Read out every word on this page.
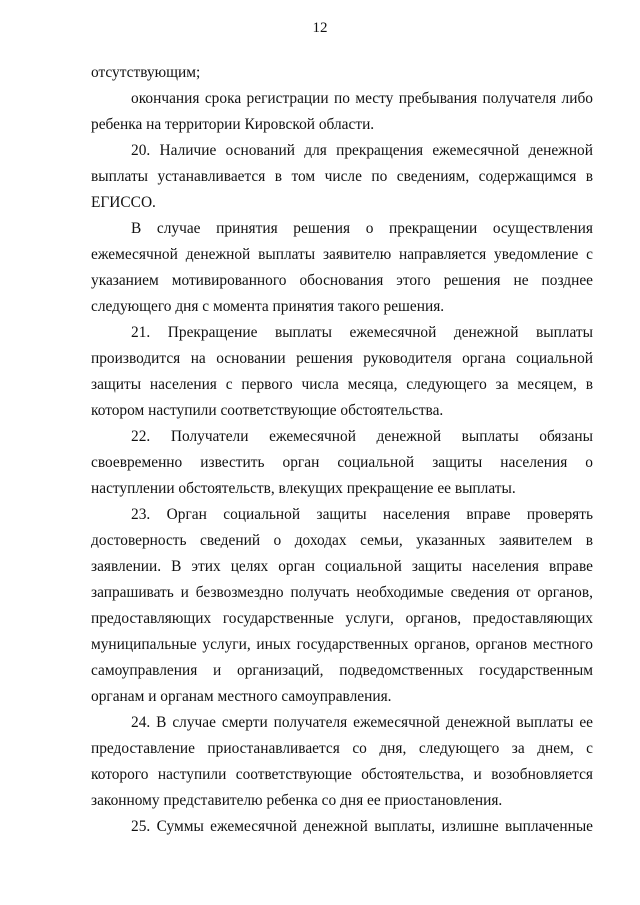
12

отсутствующим;

окончания срока регистрации по месту пребывания получателя либо ребенка на территории Кировской области.

20. Наличие оснований для прекращения ежемесячной денежной выплаты устанавливается в том числе по сведениям, содержащимся в ЕГИССО.

В случае принятия решения о прекращении осуществления ежемесячной денежной выплаты заявителю направляется уведомление с указанием мотивированного обоснования этого решения не позднее следующего дня с момента принятия такого решения.

21. Прекращение выплаты ежемесячной денежной выплаты производится на основании решения руководителя органа социальной защиты населения с первого числа месяца, следующего за месяцем, в котором наступили соответствующие обстоятельства.

22. Получатели ежемесячной денежной выплаты обязаны своевременно известить орган социальной защиты населения о наступлении обстоятельств, влекущих прекращение ее выплаты.

23. Орган социальной защиты населения вправе проверять достоверность сведений о доходах семьи, указанных заявителем в заявлении. В этих целях орган социальной защиты населения вправе запрашивать и безвозмездно получать необходимые сведения от органов, предоставляющих государственные услуги, органов, предоставляющих муниципальные услуги, иных государственных органов, органов местного самоуправления и организаций, подведомственных государственным органам и органам местного самоуправления.

24. В случае смерти получателя ежемесячной денежной выплаты ее предоставление приостанавливается со дня, следующего за днем, с которого наступили соответствующие обстоятельства, и возобновляется законному представителю ребенка со дня ее приостановления.

25. Суммы ежемесячной денежной выплаты, излишне выплаченные
